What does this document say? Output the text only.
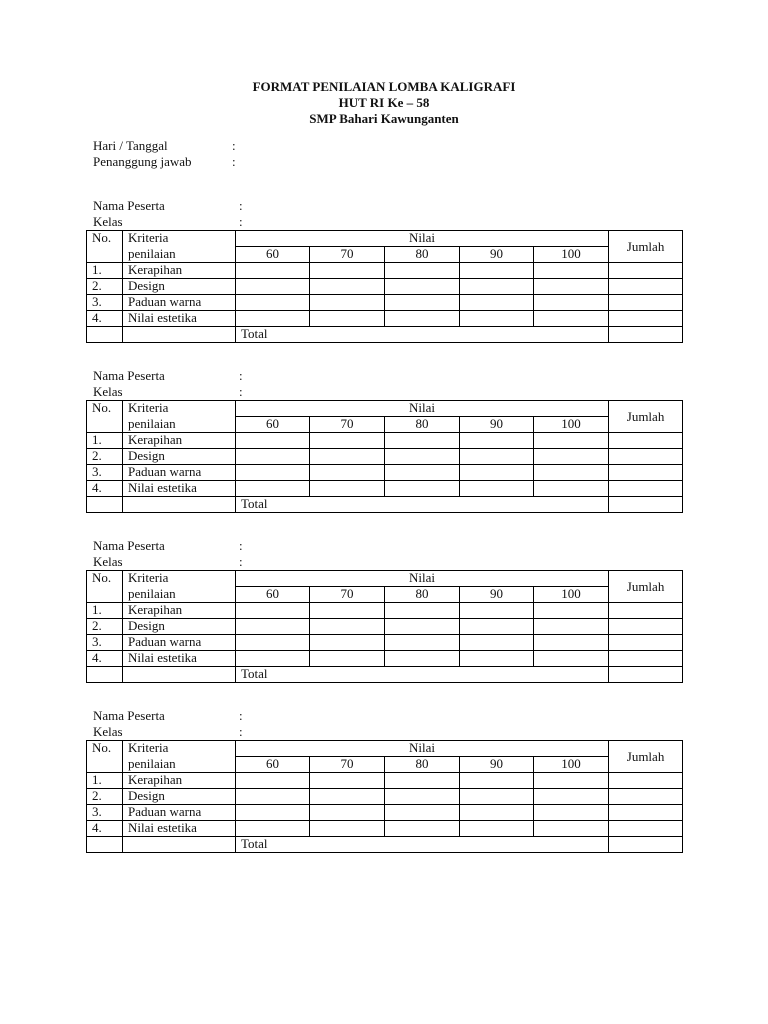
FORMAT PENILAIAN LOMBA KALIGRAFI
HUT RI Ke – 58
SMP Bahari Kawunganten
Hari / Tanggal	:
Penanggung jawab	:
Nama Peserta	:
Kelas	:
No.	Kriteria	Nilai					Jumlah
	penilaian	60	70	80	90	100	
1.	Kerapihan						
2.	Design						
3.	Paduan warna						
4.	Nilai estetika						
		Total					
Nama Peserta	:
Kelas	:
No.	Kriteria	Nilai					Jumlah
	penilaian	60	70	80	90	100	
1.	Kerapihan						
2.	Design						
3.	Paduan warna						
4.	Nilai estetika						
		Total					
Nama Peserta	:
Kelas	:
No.	Kriteria	Nilai					Jumlah
	penilaian	60	70	80	90	100	
1.	Kerapihan						
2.	Design						
3.	Paduan warna						
4.	Nilai estetika						
		Total					
Nama Peserta	:
Kelas	:
No.	Kriteria	Nilai					Jumlah
	penilaian	60	70	80	90	100	
1.	Kerapihan						
2.	Design						
3.	Paduan warna						
4.	Nilai estetika						
		Total					
